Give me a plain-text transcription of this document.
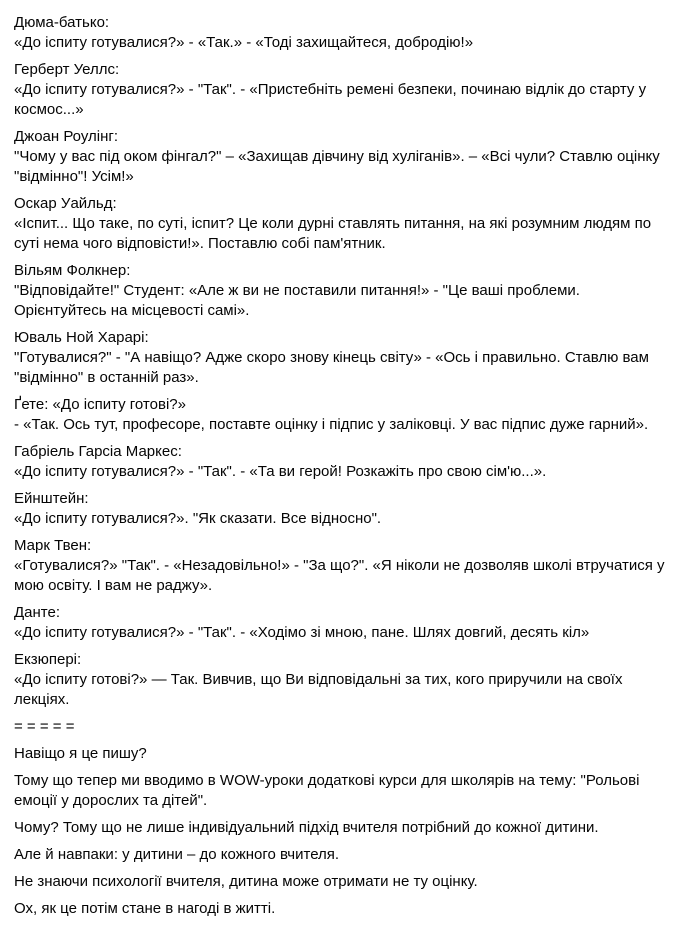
Дюма-батько:
«До іспиту готувалися?» - «Так.» - «Тоді захищайтеся, добродію!»
Герберт Уеллс:
«До іспиту готувалися?» - "Так". - «Пристебніть ремені безпеки, починаю відлік до старту у
космос...»
Джоан Роулінг:
"Чому у вас під оком фінгал?" – «Захищав дівчину від хуліганів». – «Всі чули? Ставлю оцінку
"відмінно"! Усім!»
Оскар Уайльд:
«Іспит... Що таке, по суті, іспит? Це коли дурні ставлять питання, на які розумним людям по
суті нема чого відповісти!». Поставлю собі пам'ятник.
Вільям Фолкнер:
"Відповідайте!" Студент: «Але ж ви не поставили питання!» - "Це ваші проблеми.
Орієнтуйтесь на місцевості самі».
Юваль Ной Харарі:
"Готувалися?" - "А навіщо? Адже скоро знову кінець світу» - «Ось і правильно. Ставлю вам
"відмінно" в останній раз».
Ґете: «До іспиту готові?»
- «Так. Ось тут, професоре, поставте оцінку і підпис у заліковці. У вас підпис дуже гарний».
Габріель Гарсіа Маркес:
«До іспиту готувалися?» - "Так". - «Та ви герой! Розкажіть про свою сім'ю...».
Ейнштейн:
«До іспиту готувалися?». "Як сказати. Все відносно".
Марк Твен:
«Готувалися?» "Так". - «Незадовільно!» - "За що?". «Я ніколи не дозволяв школі втручатися у
мою освіту. І вам не раджу».
Данте:
«До іспиту готувалися?» - "Так". - «Ходімо зі мною, пане. Шлях довгий, десять кіл»
Екзюпері:
«До іспиту готові?» — Так. Вивчив, що Ви відповідальні за тих, кого приручили на своїх
лекціях.
= = = = =
Навіщо я це пишу?
Тому що тепер ми вводимо в WOW-уроки додаткові курси для школярів на тему: "Рольові
емоції у дорослих та дітей".
Чому? Тому що не лише індивідуальний підхід вчителя потрібний до кожної дитини.
Але й навпаки: у дитини – до кожного вчителя.
Не знаючи психології вчителя, дитина може отримати не ту оцінку.
Ох, як це потім стане в нагоді в житті.
